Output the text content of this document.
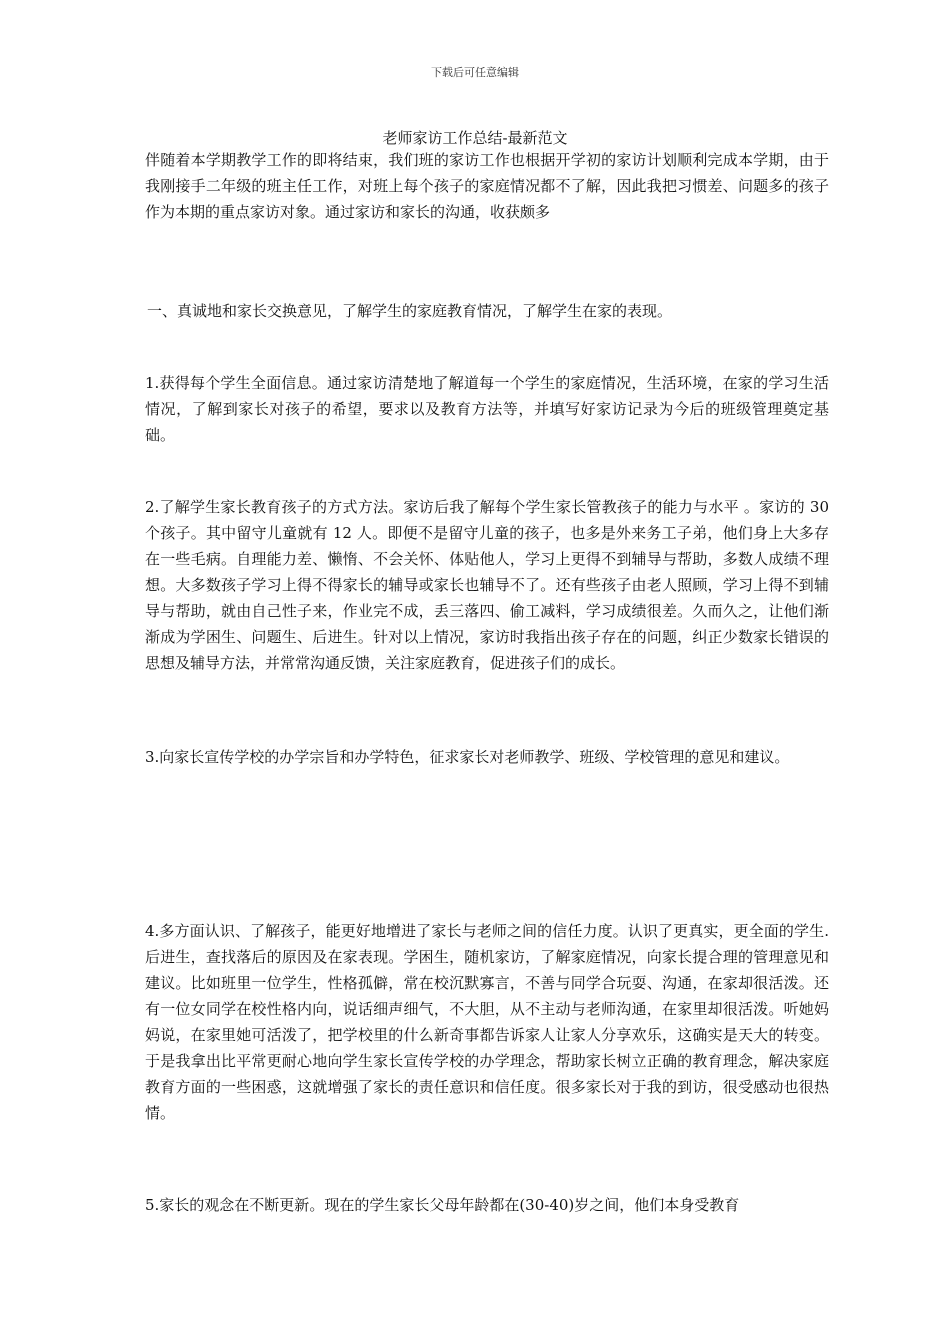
下载后可任意编辑
老师家访工作总结-最新范文

伴随着本学期教学工作的即将结束，我们班的家访工作也根据开学初的家访计划顺利完成本学期，由于我刚接手二年级的班主任工作，对班上每个孩子的家庭情况都不了解，因此我把习惯差、问题多的孩子作为本期的重点家访对象。通过家访和家长的沟通，收获颇多

一、真诚地和家长交换意见，了解学生的家庭教育情况，了解学生在家的表现。

1.获得每个学生全面信息。通过家访清楚地了解道每一个学生的家庭情况，生活环境，在家的学习生活情况，了解到家长对孩子的希望，要求以及教育方法等，并填写好家访记录为今后的班级管理奠定基础。

2.了解学生家长教育孩子的方式方法。家访后我了解每个学生家长管教孩子的能力与水平 。家访的 30 个孩子。其中留守儿童就有 12 人。即便不是留守儿童的孩子，也多是外来务工子弟，他们身上大多存在一些毛病。自理能力差、懒惰、不会关怀、体贴他人，学习上更得不到辅导与帮助，多数人成绩不理想。大多数孩子学习上得不得家长的辅导或家长也辅导不了。还有些孩子由老人照顾，学习上得不到辅导与帮助，就由自己性子来，作业完不成，丢三落四、偷工减料，学习成绩很差。久而久之，让他们渐渐成为学困生、问题生、后进生。针对以上情况，家访时我指出孩子存在的问题，纠正少数家长错误的思想及辅导方法，并常常沟通反馈，关注家庭教育，促进孩子们的成长。

3.向家长宣传学校的办学宗旨和办学特色，征求家长对老师教学、班级、学校管理的意见和建议。

4.多方面认识、了解孩子，能更好地增进了家长与老师之间的信任力度。认识了更真实，更全面的学生. 后进生，查找落后的原因及在家表现。学困生，随机家访，了解家庭情况，向家长提合理的管理意见和建议。比如班里一位学生，性格孤僻，常在校沉默寡言，不善与同学合玩耍、沟通，在家却很活泼。还有一位女同学在校性格内向，说话细声细气，不大胆，从不主动与老师沟通，在家里却很活泼。听她妈妈说，在家里她可活泼了，把学校里的什么新奇事都告诉家人让家人分享欢乐，这确实是天大的转变。于是我拿出比平常更耐心地向学生家长宣传学校的办学理念，帮助家长树立正确的教育理念，解决家庭教育方面的一些困惑，这就增强了家长的责任意识和信任度。很多家长对于我的到访，很受感动也很热情。

5.家长的观念在不断更新。现在的学生家长父母年龄都在(30-40)岁之间，他们本身受教育
